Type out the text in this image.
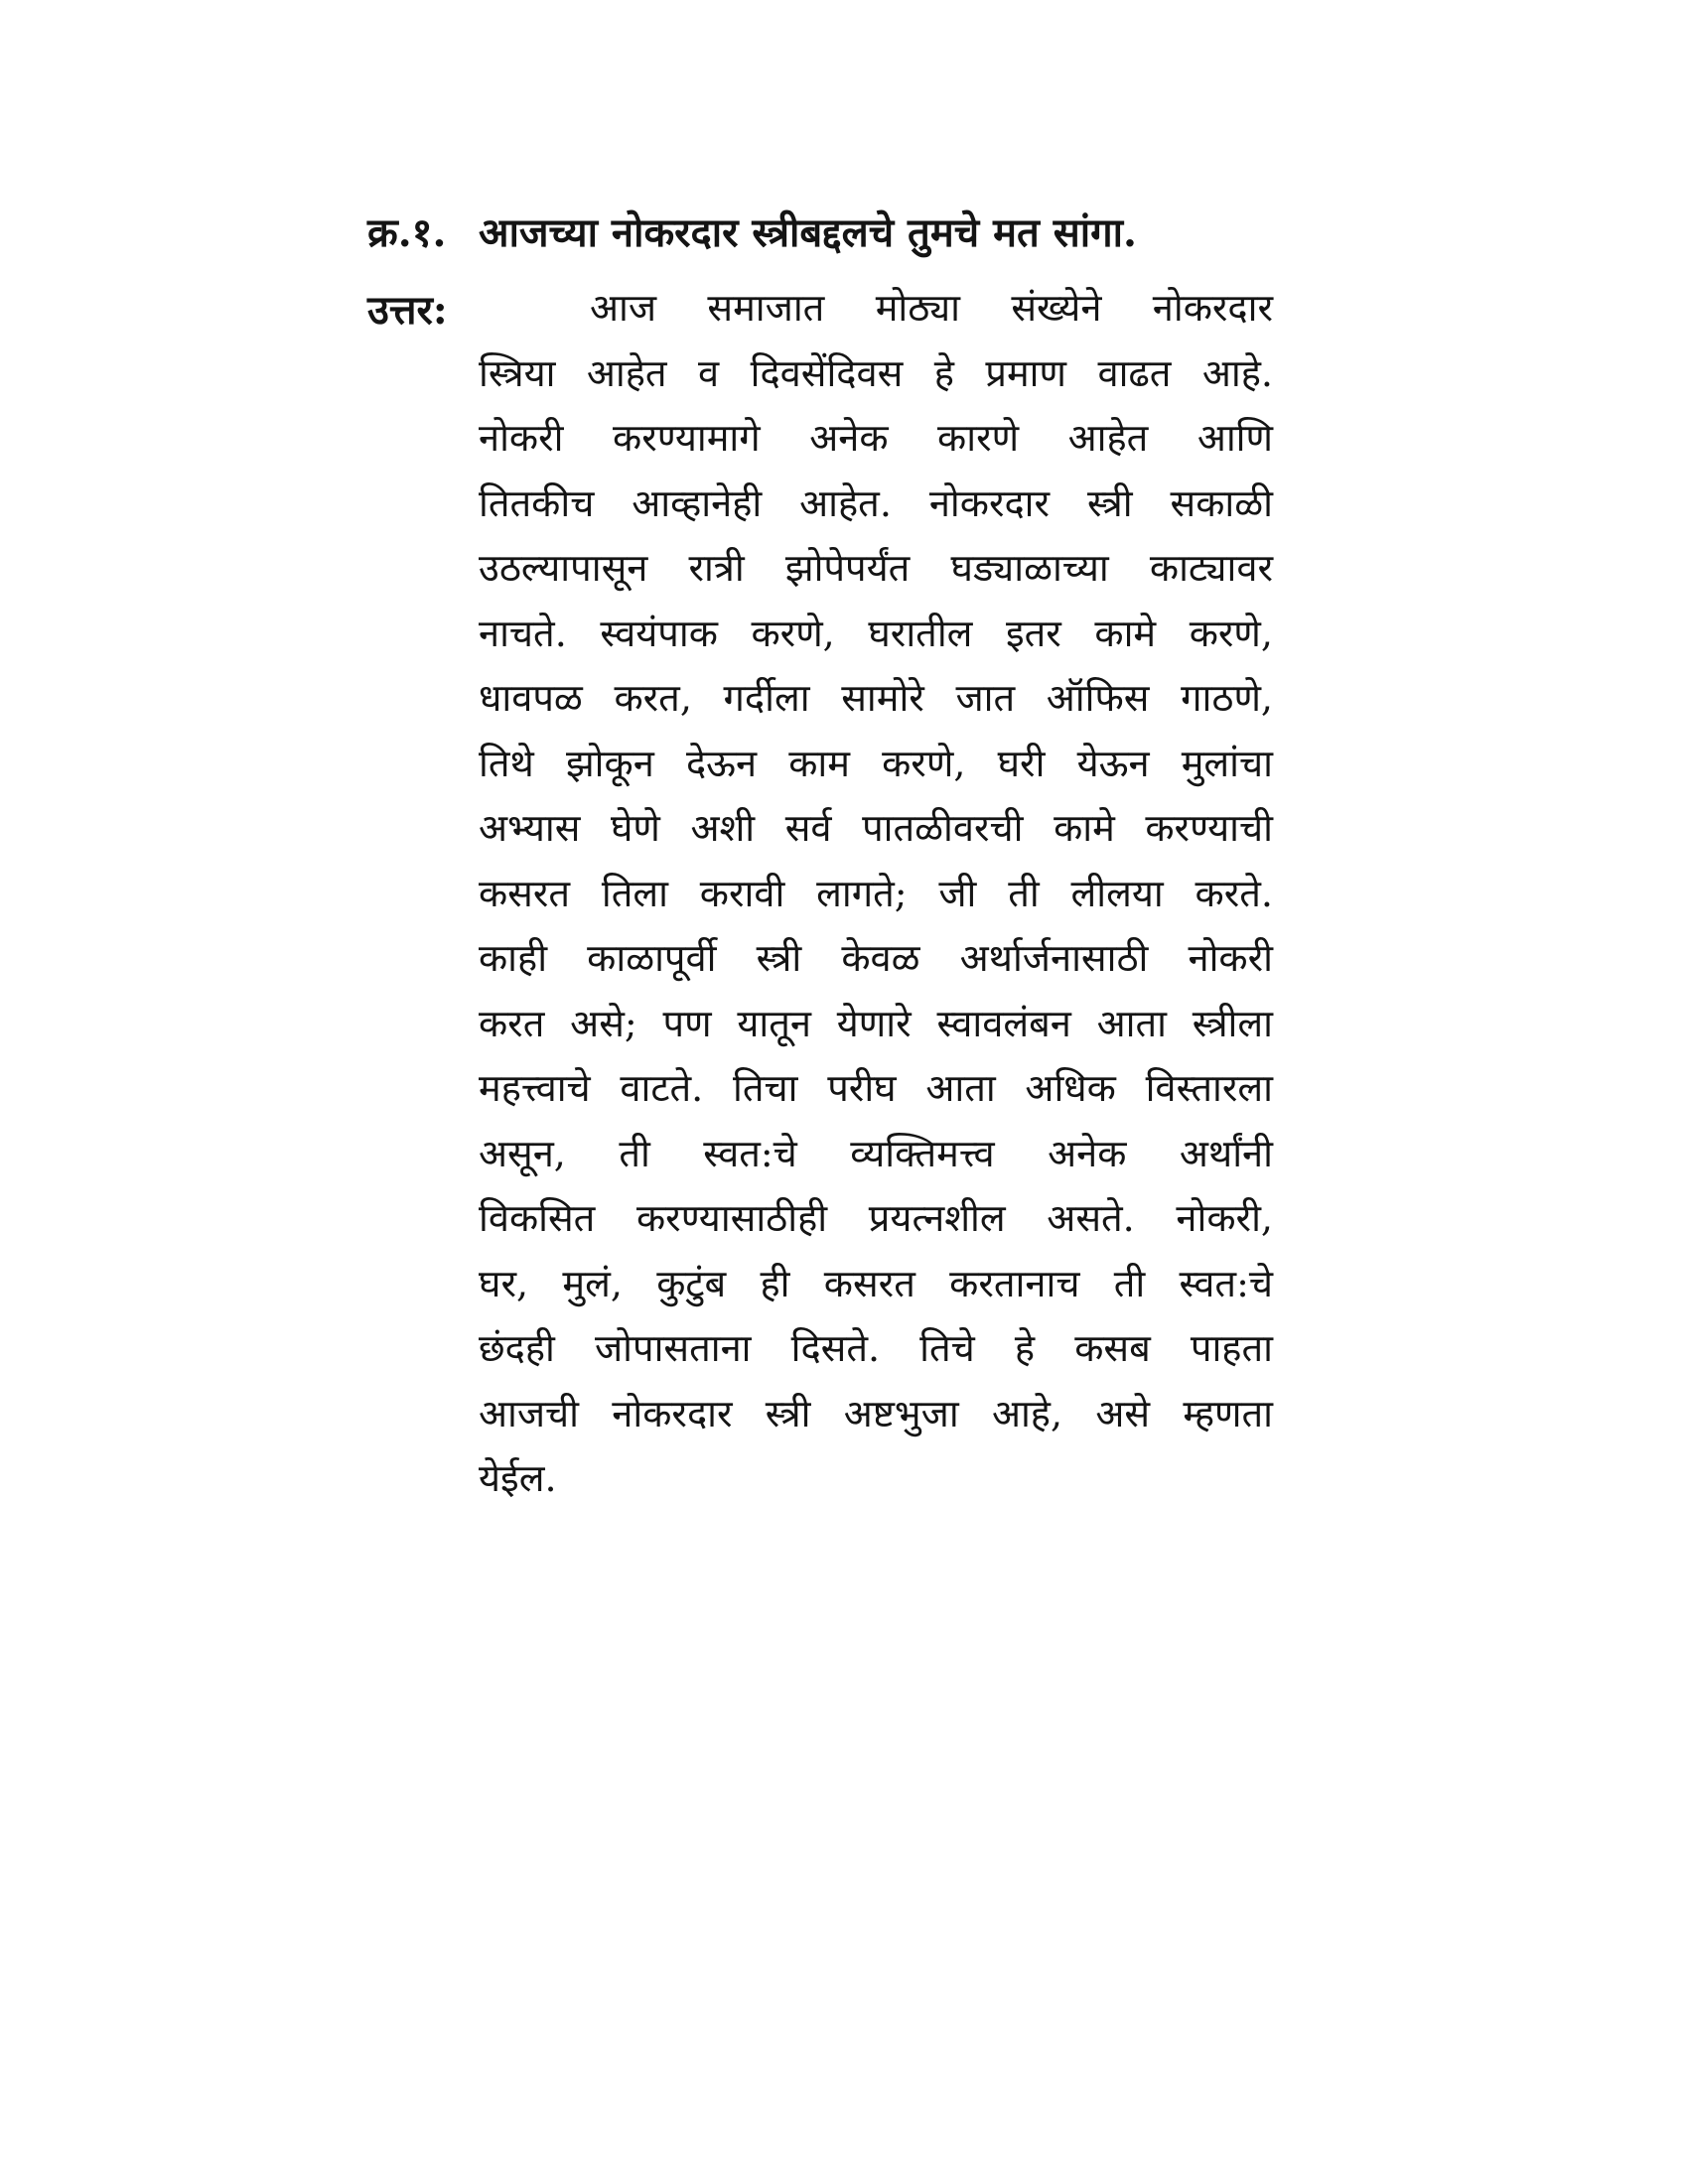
क्र.१. आजच्या नोकरदार स्त्रीबद्दलचे तुमचे मत सांगा.
उत्तर:	आज समाजात मोठ्या संख्येने नोकरदार
स्त्रिया आहेत व दिवसेंदिवस हे प्रमाण वाढत आहे.
नोकरी करण्यामागे अनेक कारणे आहेत आणि
तितकीच आव्हानेही आहेत. नोकरदार स्त्री सकाळी
उठल्यापासून रात्री झोपेपर्यंत घड्याळाच्या काट्यावर
नाचते. स्वयंपाक करणे, घरातील इतर कामे करणे,
धावपळ करत, गर्दीला सामोरे जात ऑफिस गाठणे,
तिथे झोकून देऊन काम करणे, घरी येऊन मुलांचा
अभ्यास घेणे अशी सर्व पातळीवरची कामे करण्याची
कसरत तिला करावी लागते; जी ती लीलया करते.
काही काळापूर्वी स्त्री केवळ अर्थार्जनासाठी नोकरी
करत असे; पण यातून येणारे स्वावलंबन आता स्त्रीला
महत्त्वाचे वाटते. तिचा परीघ आता अधिक विस्तारला
असून, ती स्वत:चे व्यक्तिमत्त्व अनेक अर्थांनी
विकसित करण्यासाठीही प्रयत्नशील असते. नोकरी,
घर, मुलं, कुटुंब ही कसरत करतानाच ती स्वत:चे
छंदही जोपासताना दिसते. तिचे हे कसब पाहता
आजची नोकरदार स्त्री अष्टभुजा आहे, असे म्हणता
येईल.
